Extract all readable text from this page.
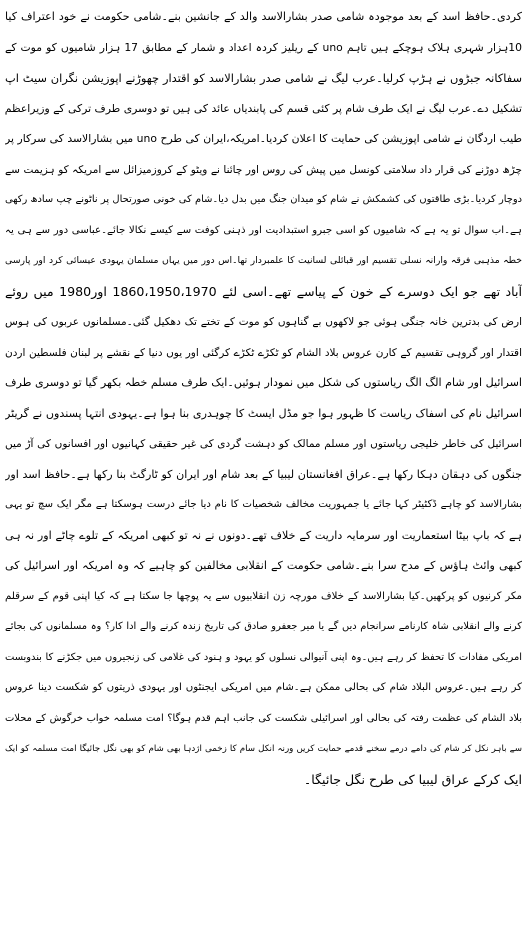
کردی۔حافظ اسد کے بعد موجودہ شامی صدر بشارالاسد والد کے جانشین بنے۔شامی حکومت نے خود اعتراف کیا
10ہزار شہری ہلاک ہوچکے ہیں تاہم uno کے ریلیز کردہ اعداد و شمار کے مطابق 17 ہزار شامیوں کو موت کے
سفاکانہ جبڑوں نے ہڑپ کرلیا۔عرب لیگ نے شامی صدر بشارالاسد کو اقتدار چھوڑنے اپوزیشن نگران سیٹ اپ
تشکیل دے۔عرب لیگ نے ایک طرف شام پر کئی قسم کی پابندیاں عائد کی ہیں تو دوسری طرف ترکی کے وزیراعظم
طیب اردگان نے شامی اپوزیشن کی حمایت کا اعلان کردیا۔امریکہ،ایران کی طرح uno میں بشارالاسد کی سرکار پر
چڑھ دوڑنے کی قرار داد سلامتی کونسل میں پیش کی روس اور چائنا نے ویٹو کے کروزمیزائل سے امریکہ کو ہزیمت سے
دوچار کردیا۔بڑی طاقتوں کی کشمکش نے شام کو میدان جنگ میں بدل دیا۔شام کی خونی صورتحال پر ناٹونے چپ سادھ رکھی
ہے۔اب سوال تو یہ ہے کہ شامیوں کو اسی جبرو استبدادیت اور ذہنی کوفت سے کیسے نکالا جائے۔عباسی دور سے ہی یہ
خطہ مذہبی فرقہ وارانہ نسلی تقسیم اور قبائلی لسانیت کا علمبردار تھا۔اس دور میں یہاں مسلمان یہودی عیسائی کرد اور پارسی
آباد تھے جو ایک دوسرے کے خون کے پیاسے تھے۔اسی لئے 1860،1950،1970 اور1980 میں روئے
ارض کی بدترین خانہ جنگی ہوئی جو لاکھوں بے گناہوں کو موت کے تختے تک دھکیل گئی۔مسلمانوں عربوں کی ہوس
اقتدار اور گروہی تقسیم کے کارن عروس بلاد الشام کو ٹکڑے ٹکڑے کرگئی اور یوں دنیا کے نقشے پر لبنان فلسطین اردن
اسرائیل اور شام الگ الگ ریاستوں کی شکل میں نمودار ہوئیں۔ایک طرف مسلم خطہ بکھر گیا تو دوسری طرف
اسرائیل نام کی اسفاک ریاست کا ظہور ہوا جو مڈل ایسٹ کا چوہدری بنا ہوا ہے۔یہودی انتہا پسندوں نے گریٹر
اسرائیل کی خاطر خلیجی ریاستوں اور مسلم ممالک کو دہشت گردی کی غیر حقیقی کہانیوں اور افسانوں کی آڑ میں
جنگوں کی دہقان دہکا رکھا ہے۔عراق افغانستان لیبیا کے بعد شام اور ایران کو ٹارگٹ بنا رکھا ہے۔حافظ اسد اور
بشارالاسد کو چاہے ڈکٹیٹر کہا جائے یا جمہوریت مخالف شخصیات کا نام دیا جائے درست ہوسکتا ہے مگر ایک سچ تو یہی
ہے کہ باپ بیٹا استعماریت اور سرمایہ داریت کے خلاف تھے۔دونوں نے نہ تو کبھی امریکہ کے تلوے چاٹے اور نہ ہی
کبھی وائٹ ہاؤس کے مدح سرا بنے۔شامی حکومت کے انقلابی مخالفین کو چاہیے کہ وہ امریکہ اور اسرائیل کی
مکر کرنیوں کو پرکھیں۔کیا بشارالاسد کے خلاف مورچہ زن انقلابیوں سے یہ پوچھا جا سکتا ہے کہ کیا اپنی قوم کے سرقلم
کرنے والے انقلابی شاہ کارنامے سرانجام دیں گے یا میر جعفرو صادق کی تاریخ زندہ کرنے والے ادا کار؟ وہ مسلمانوں کی بجائے
امریکی مفادات کا تحفظ کر رہے ہیں۔وہ اپنی آنیوالی نسلوں کو یہود و ہنود کی غلامی کی زنجیروں میں جکڑنے کا بندوبست
کر رہے ہیں۔عروس البلاد شام کی بحالی ممکن ہے۔شام میں امریکی ایجنٹوں اور یہودی ذریتوں کو شکست دینا عروس
بلاد الشام کی عظمت رفتہ کی بحالی اور اسرائیلی شکست کی جانب اہم قدم ہوگا؟ امت مسلمہ خواب خرگوش کے محلات
سے باہر نکل کر شام کی دامے درمے سخنے قدمے حمایت کریں ورنہ انکل سام کا زخمی اژدہا بھی شام کو بھی نگل جائیگا امت مسلمہ کو ایک
ایک کرکے عراق لیبیا کی طرح نگل جائیگا۔
